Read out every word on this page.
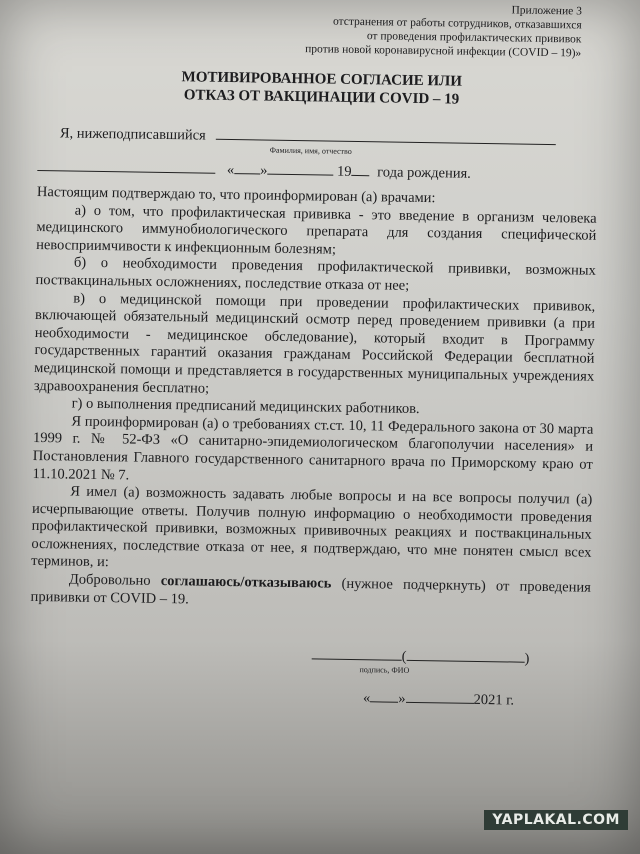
Приложение 3
отстранения от работы сотрудников, отказавшихся
от проведения профилактических прививок
против новой коронавирусной инфекции (COVID – 19)»
МОТИВИРОВАННОЕ СОГЛАСИЕ ИЛИ
ОТКАЗ ОТ ВАКЦИНАЦИИ COVID – 19
Я, нижеподписавшийся
Фамилия, имя, отчество
« »	19 года рождения.

Настоящим подтверждаю то, что проинформирован (а) врачами:

а) о том, что профилактическая прививка - это введение в организм человека медицинского иммунобиологического препарата для создания специфической невосприимчивости к инфекционным болезням;

б) о необходимости проведения профилактической прививки, возможных поствакцинальных осложнениях, последствие отказа от нее;

в) о медицинской помощи при проведении профилактических прививок, включающей обязательный медицинский осмотр перед проведением прививки (а при необходимости - медицинское обследование), который входит в Программу государственных гарантий оказания гражданам Российской Федерации бесплатной медицинской помощи и представляется в государственных муниципальных учреждениях здравоохранения бесплатно;

г) о выполнения предписаний медицинских работников.

Я проинформирован (а) о требованиях ст.ст. 10, 11 Федерального закона от 30 марта 1999 г. № 52-ФЗ «О санитарно-эпидемиологическом благополучии населения» и Постановления Главного государственного санитарного врача по Приморскому краю от 11.10.2021 № 7.

Я имел (а) возможность задавать любые вопросы и на все вопросы получил (а) исчерпывающие ответы. Получив полную информацию о необходимости проведения профилактической прививки, возможных прививочных реакциях и поствакцинальных осложнениях, последствие отказа от нее, я подтверждаю, что мне понятен смысл всех терминов, и:

Добровольно соглашаюсь/отказываюсь (нужное подчеркнуть) от проведения прививки от COVID – 19.

(	)
подпись, ФИО
« »	2021 г.
YAPLAKAL.COM
